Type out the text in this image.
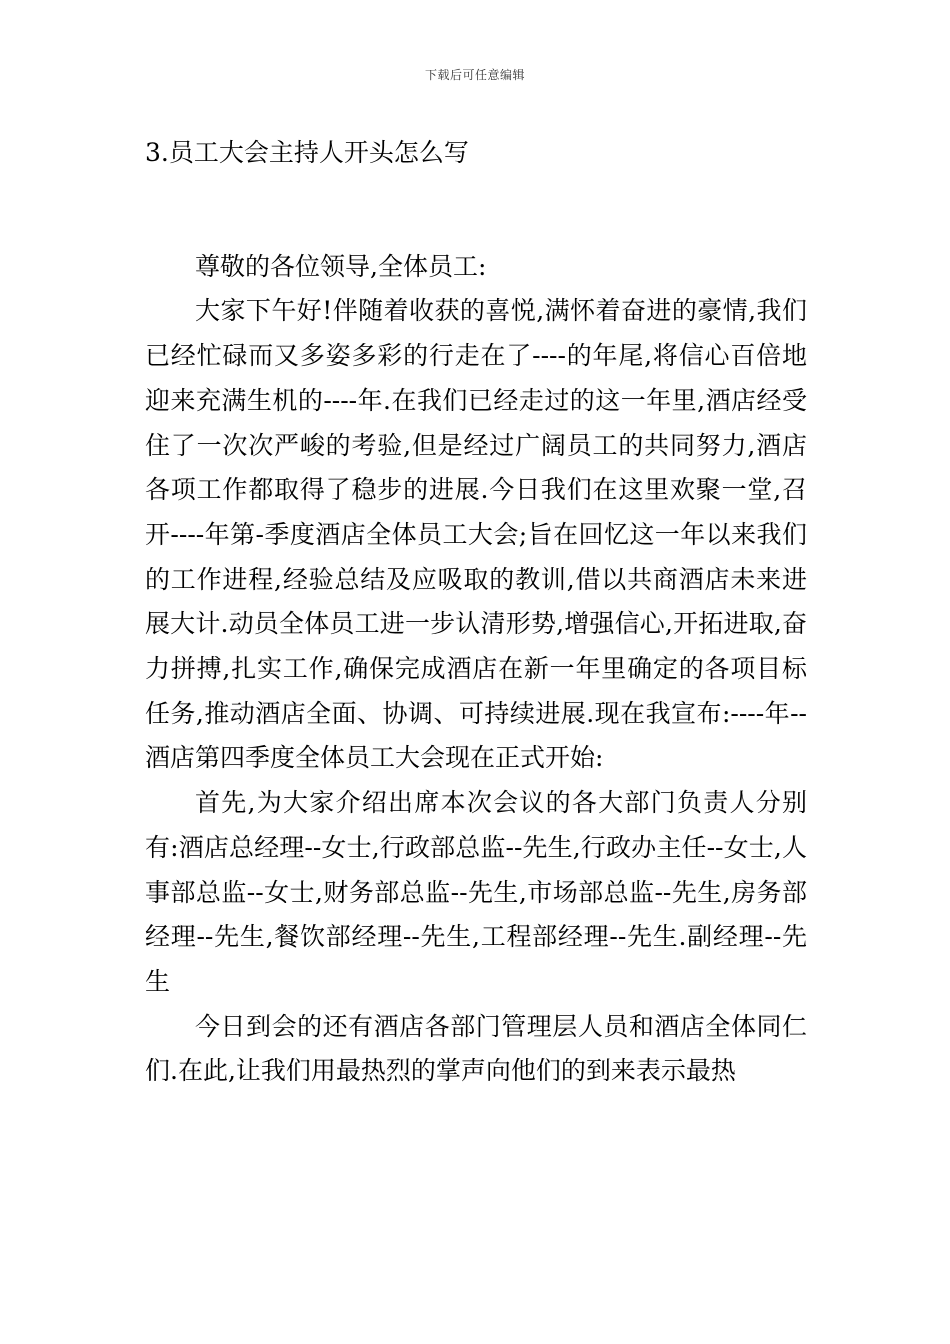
下载后可任意编辑
3.员工大会主持人开头怎么写

尊敬的各位领导,全体员工:

大家下午好!伴随着收获的喜悦,满怀着奋进的豪情,我们已经忙碌而又多姿多彩的行走在了----的年尾,将信心百倍地迎来充满生机的----年.在我们已经走过的这一年里,酒店经受住了一次次严峻的考验,但是经过广阔员工的共同努力,酒店各项工作都取得了稳步的进展.今日我们在这里欢聚一堂,召开----年第-季度酒店全体员工大会;旨在回忆这一年以来我们的工作进程,经验总结及应吸取的教训,借以共商酒店未来进展大计.动员全体员工进一步认清形势,增强信心,开拓进取,奋力拼搏,扎实工作,确保完成酒店在新一年里确定的各项目标任务,推动酒店全面、协调、可持续进展.现在我宣布:----年--酒店第四季度全体员工大会现在正式开始:

首先,为大家介绍出席本次会议的各大部门负责人分别有:酒店总经理--女士,行政部总监--先生,行政办主任--女士,人事部总监--女士,财务部总监--先生,市场部总监--先生,房务部经理--先生,餐饮部经理--先生,工程部经理--先生.副经理--先生

今日到会的还有酒店各部门管理层人员和酒店全体同仁们.在此,让我们用最热烈的掌声向他们的到来表示最热
